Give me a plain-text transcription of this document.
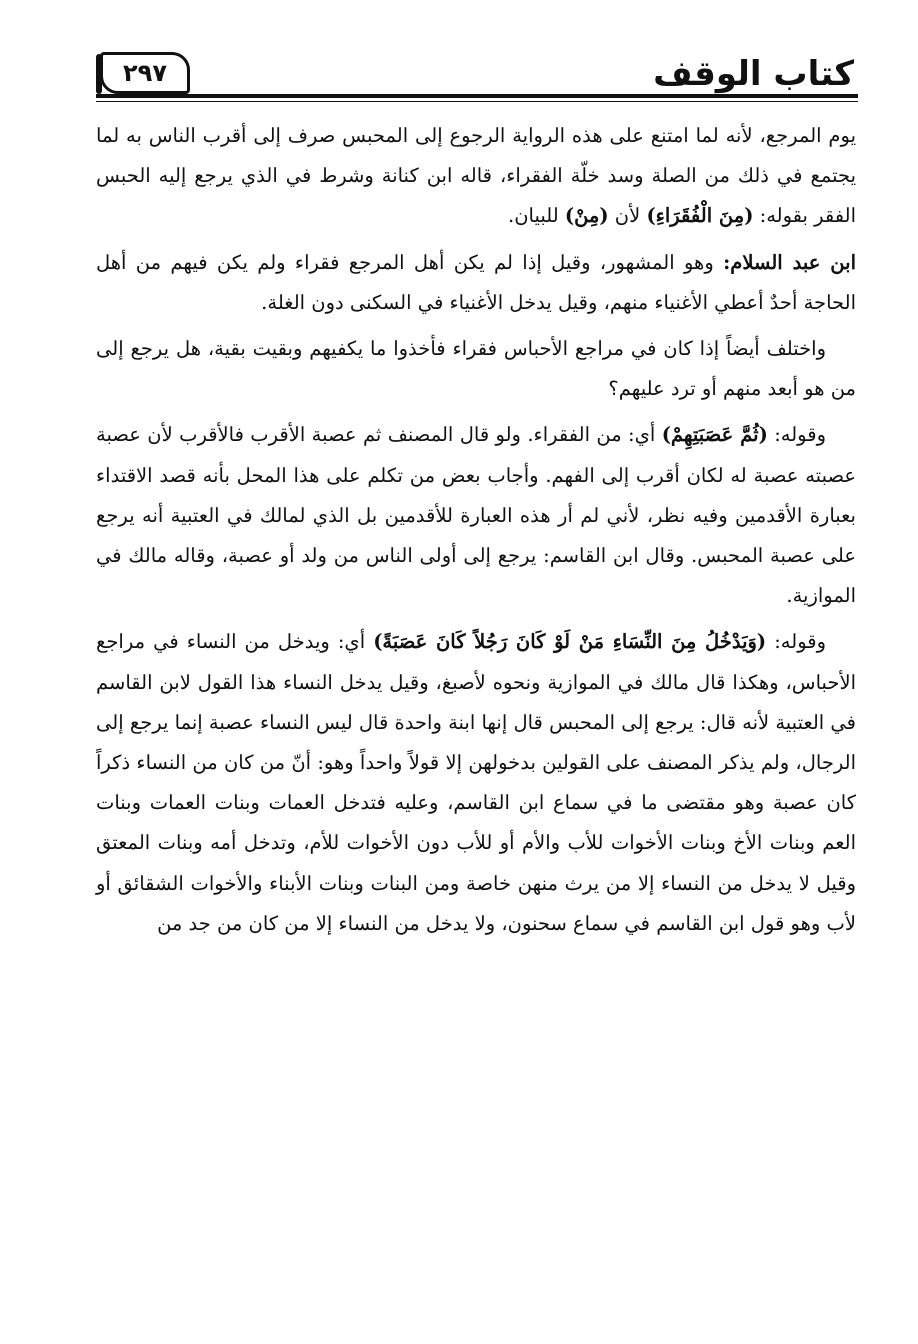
٢٩٧	كتاب الوقف

يوم المرجع، لأنه لما امتنع على هذه الرواية الرجوع إلى المحبس صرف إلى أقرب الناس به لما يجتمع في ذلك من الصلة وسد خلّة الفقراء، قاله ابن كنانة وشرط في الذي يرجع إليه الحبس الفقر بقوله: (مِنَ الْفُقَرَاءِ) لأن (مِنْ) للبيان.

ابن عبد السلام: وهو المشهور، وقيل إذا لم يكن أهل المرجع فقراء ولم يكن فيهم من أهل الحاجة أحدٌ أعطي الأغنياء منهم، وقيل يدخل الأغنياء في السكنى دون الغلة.

واختلف أيضاً إذا كان في مراجع الأحباس فقراء فأخذوا ما يكفيهم وبقيت بقية، هل يرجع إلى من هو أبعد منهم أو ترد عليهم؟

وقوله: (ثُمَّ عَصَبَتِهِمْ) أي: من الفقراء. ولو قال المصنف ثم عصبة الأقرب فالأقرب لأن عصبة عصبته عصبة له لكان أقرب إلى الفهم. وأجاب بعض من تكلم على هذا المحل بأنه قصد الاقتداء بعبارة الأقدمين وفيه نظر، لأني لم أر هذه العبارة للأقدمين بل الذي لمالك في العتبية أنه يرجع على عصبة المحبس. وقال ابن القاسم: يرجع إلى أولى الناس من ولد أو عصبة، وقاله مالك في الموازية.

وقوله: (وَيَدْخُلُ مِنَ النِّسَاءِ مَنْ لَوْ كَانَ رَجُلاً كَانَ عَصَبَةً) أي: ويدخل من النساء في مراجع الأحباس، وهكذا قال مالك في الموازية ونحوه لأصبغ، وقيل يدخل النساء هذا القول لابن القاسم في العتبية لأنه قال: يرجع إلى المحبس قال إنها ابنة واحدة قال ليس النساء عصبة إنما يرجع إلى الرجال، ولم يذكر المصنف على القولين بدخولهن إلا قولاً واحداً وهو: أنّ من كان من النساء ذكراً كان عصبة وهو مقتضى ما في سماع ابن القاسم، وعليه فتدخل العمات وبنات العمات وبنات العم وبنات الأخ وبنات الأخوات للأب والأم أو للأب دون الأخوات للأم، وتدخل أمه وبنات المعتق وقيل لا يدخل من النساء إلا من يرث منهن خاصة ومن البنات وبنات الأبناء والأخوات الشقائق أو لأب وهو قول ابن القاسم في سماع سحنون، ولا يدخل من النساء إلا من كان من جد من
